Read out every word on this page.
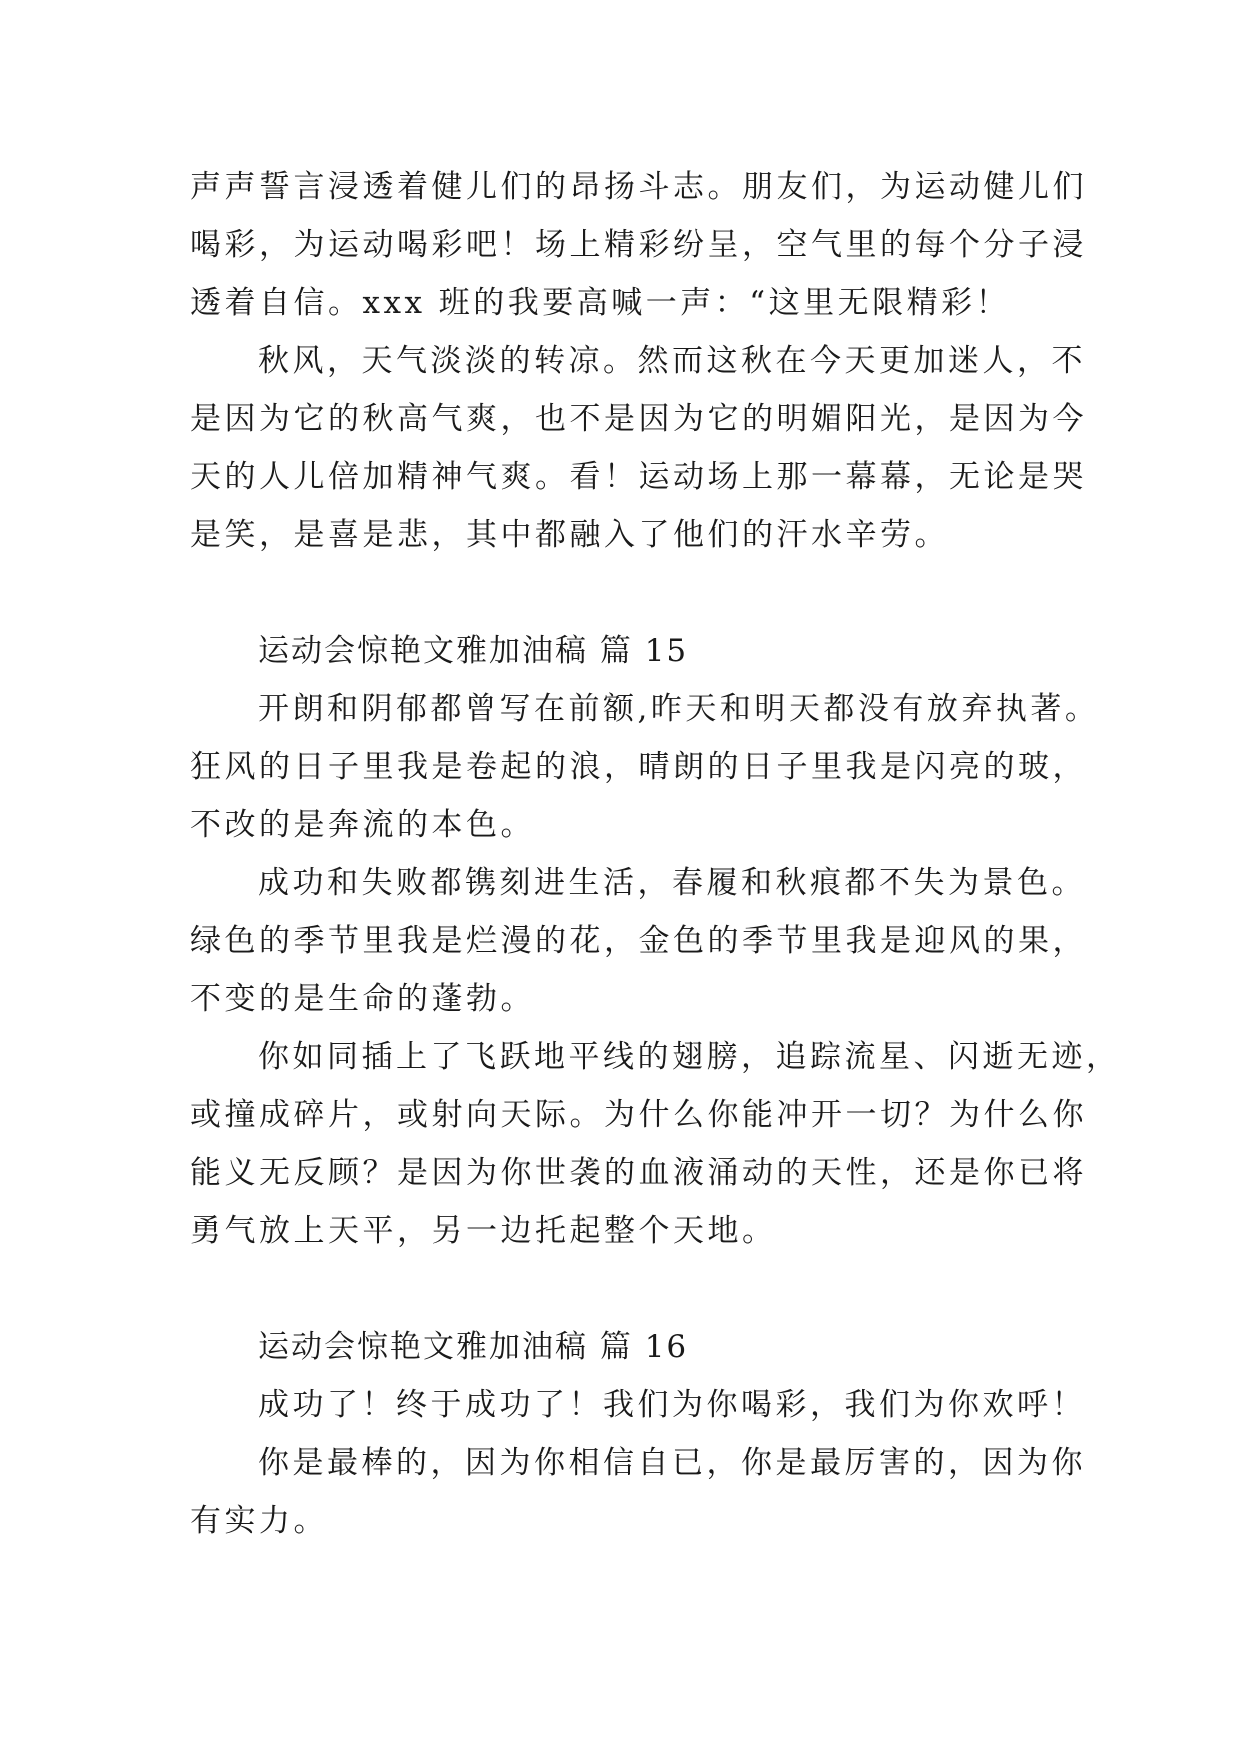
声声誓言浸透着健儿们的昂扬斗志。朋友们，为运动健儿们
喝彩，为运动喝彩吧！场上精彩纷呈，空气里的每个分子浸
透着自信。xxx 班的我要高喊一声：“这里无限精彩！
秋风，天气淡淡的转凉。然而这秋在今天更加迷人，不
是因为它的秋高气爽，也不是因为它的明媚阳光，是因为今
天的人儿倍加精神气爽。看！运动场上那一幕幕，无论是哭
是笑，是喜是悲，其中都融入了他们的汗水辛劳。
运动会惊艳文雅加油稿 篇 15
开朗和阴郁都曾写在前额,昨天和明天都没有放弃执著。
狂风的日子里我是卷起的浪，晴朗的日子里我是闪亮的玻，
不改的是奔流的本色。
成功和失败都镌刻进生活，春履和秋痕都不失为景色。
绿色的季节里我是烂漫的花，金色的季节里我是迎风的果，
不变的是生命的蓬勃。
你如同插上了飞跃地平线的翅膀，追踪流星、闪逝无迹，
或撞成碎片，或射向天际。为什么你能冲开一切？为什么你
能义无反顾？是因为你世袭的血液涌动的天性，还是你已将
勇气放上天平，另一边托起整个天地。
运动会惊艳文雅加油稿 篇 16
成功了！终于成功了！我们为你喝彩，我们为你欢呼！
你是最棒的，因为你相信自已，你是最厉害的，因为你
有实力。
